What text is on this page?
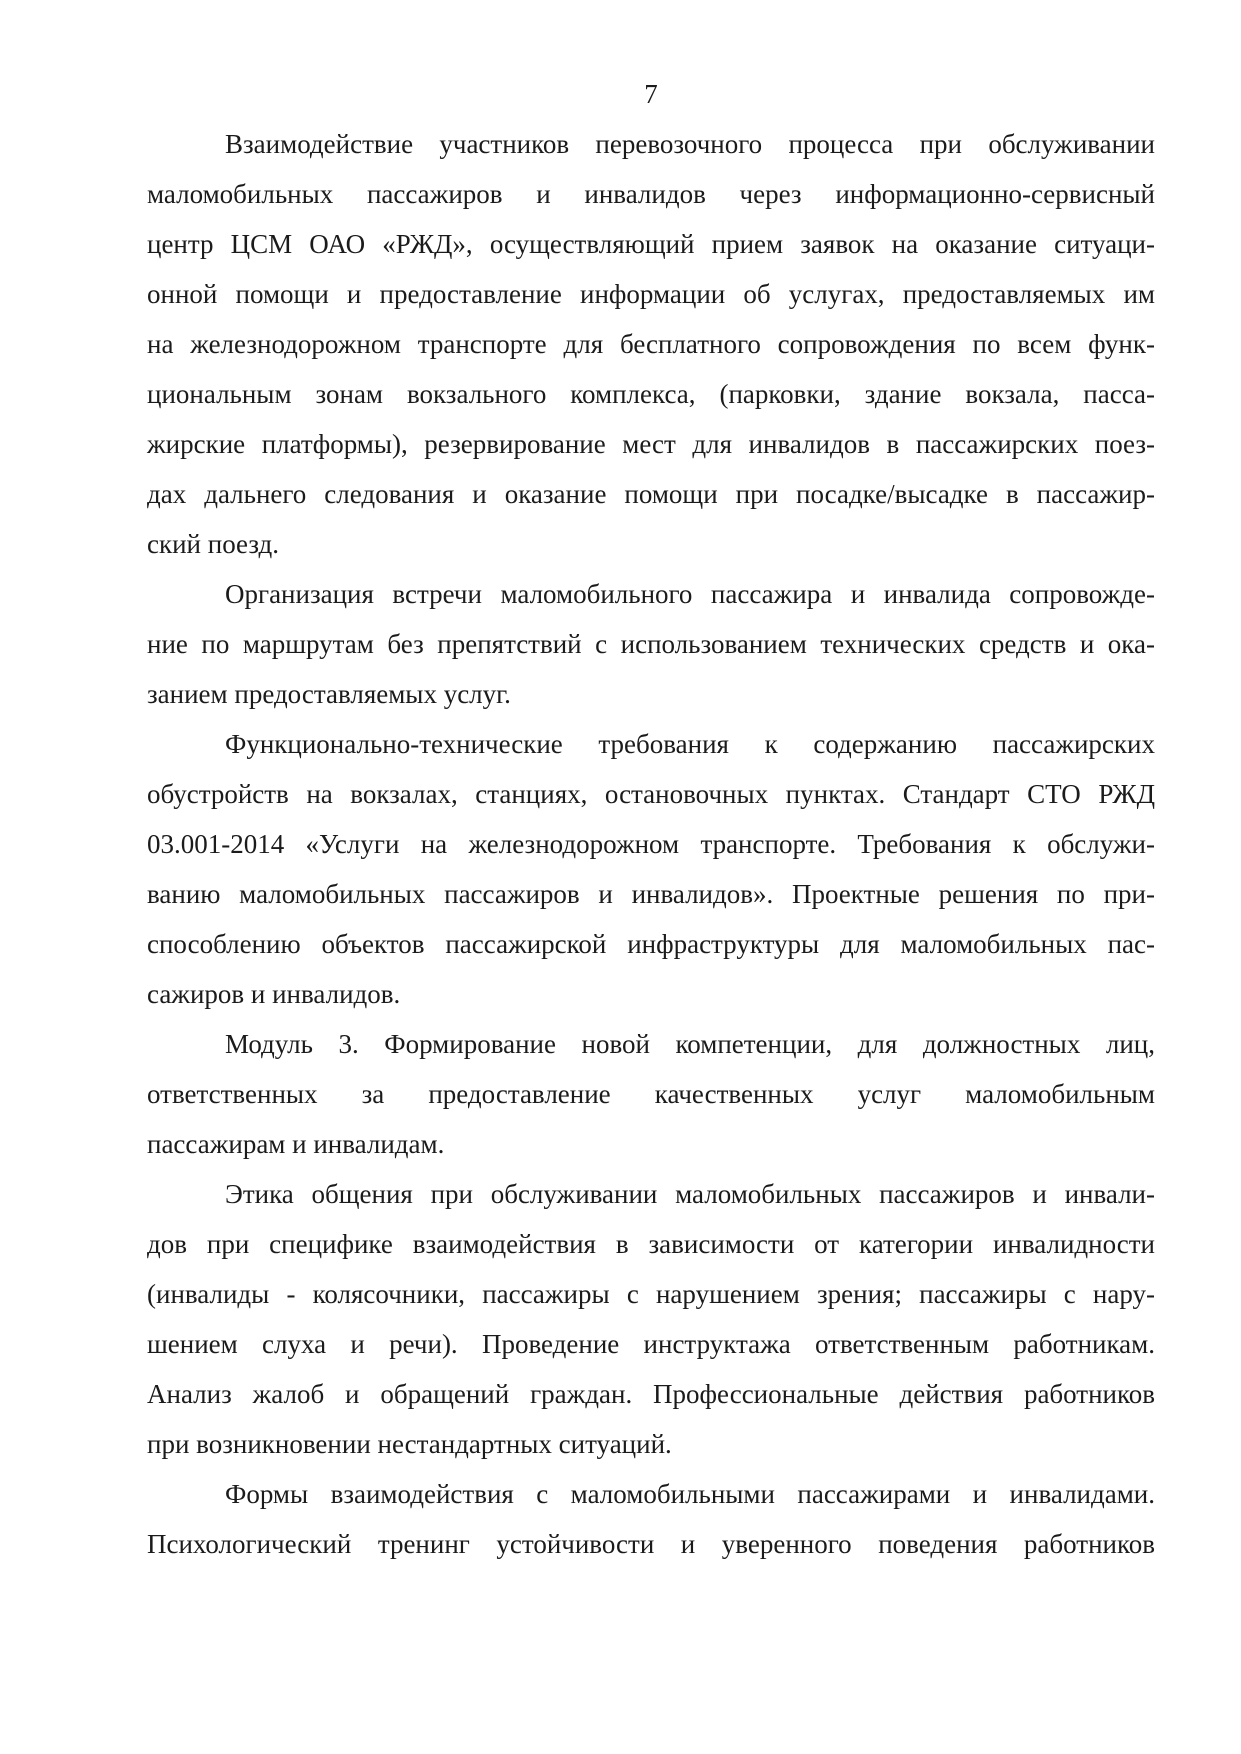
7

Взаимодействие участников перевозочного процесса при обслуживании
маломобильных пассажиров и инвалидов через информационно-сервисный
центр ЦСМ ОАО «РЖД», осуществляющий прием заявок на оказание ситуаци-
онной помощи и предоставление информации об услугах, предоставляемых им
на железнодорожном транспорте для бесплатного сопровождения по всем функ-
циональным зонам вокзального комплекса, (парковки, здание вокзала, пасса-
жирские платформы), резервирование мест для инвалидов в пассажирских поез-
дах дальнего следования и оказание помощи при посадке/высадке в пассажир-
ский поезд.

Организация встречи маломобильного пассажира и инвалида сопровожде-
ние по маршрутам без препятствий с использованием технических средств и ока-
занием предоставляемых услуг.

Функционально-технические требования к содержанию пассажирских
обустройств на вокзалах, станциях, остановочных пунктах. Стандарт СТО РЖД
03.001-2014 «Услуги на железнодорожном транспорте. Требования к обслужи-
ванию маломобильных пассажиров и инвалидов». Проектные решения по при-
способлению объектов пассажирской инфраструктуры для маломобильных пас-
сажиров и инвалидов.

Модуль 3. Формирование новой компетенции, для должностных лиц,
ответственных за предоставление качественных услуг маломобильным
пассажирам и инвалидам.

Этика общения при обслуживании маломобильных пассажиров и инвали-
дов при специфике взаимодействия в зависимости от категории инвалидности
(инвалиды - колясочники, пассажиры с нарушением зрения; пассажиры с нару-
шением слуха и речи). Проведение инструктажа ответственным работникам.
Анализ жалоб и обращений граждан. Профессиональные действия работников
при возникновении нестандартных ситуаций.

Формы взаимодействия с маломобильными пассажирами и инвалидами.
Психологический тренинг устойчивости и уверенного поведения работников
